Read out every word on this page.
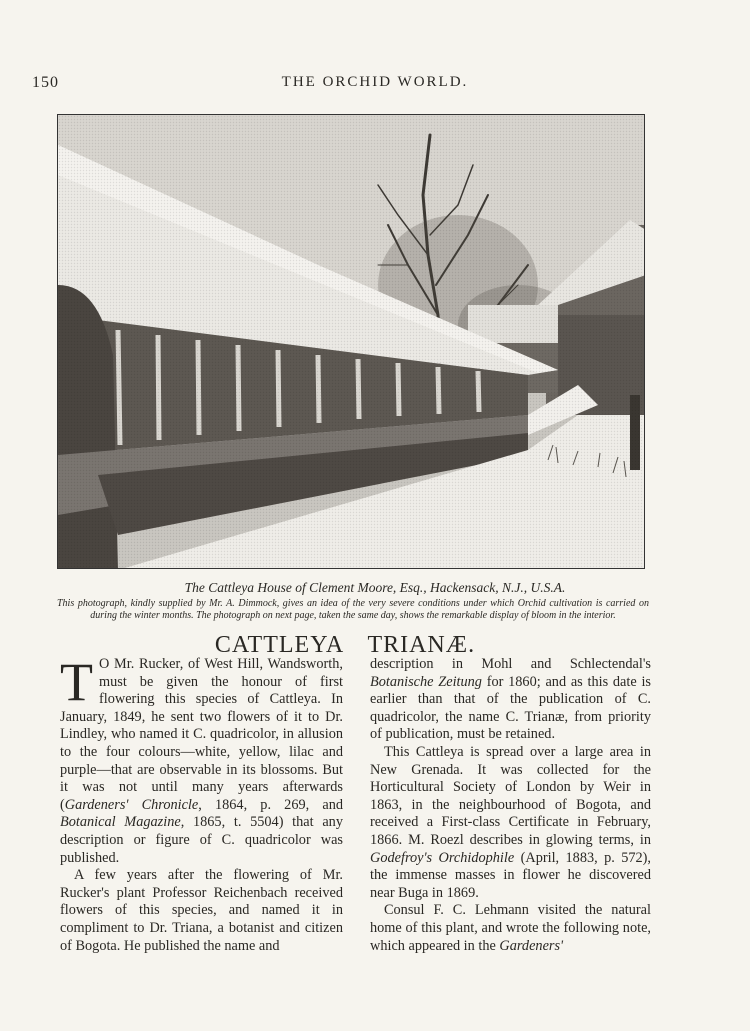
150	THE ORCHID WORLD.
The Cattleya House of Clement Moore, Esq., Hackensack, N.J., U.S.A.
This photograph, kindly supplied by Mr. A. Dimmock, gives an idea of the very severe conditions under which Orchid cultivation is carried on during the winter months. The photograph on next page, taken the same day, shows the remarkable display of bloom in the interior.
CATTLEYA TRIANÆ.

T O Mr. Rucker, of West Hill, Wandsworth, must be given the honour of first flowering this species of Cattleya. In January, 1849, he sent two flowers of it to Dr. Lindley, who named it C. quadricolor, in allusion to the four colours—white, yellow, lilac and purple—that are observable in its blossoms. But it was not until many years afterwards (Gardeners' Chronicle, 1864, p. 269, and Botanical Magazine, 1865, t. 5504) that any description or figure of C. quadricolor was published.

A few years after the flowering of Mr. Rucker's plant Professor Reichenbach received flowers of this species, and named it in compliment to Dr. Triana, a botanist and citizen of Bogota. He published the name and

description in Mohl and Schlectendal's Botanische Zeitung for 1860; and as this date is earlier than that of the publication of C. quadricolor, the name C. Trianæ, from priority of publication, must be retained.

This Cattleya is spread over a large area in New Grenada. It was collected for the Horticultural Society of London by Weir in 1863, in the neighbourhood of Bogota, and received a First-class Certificate in February, 1866. M. Roezl describes in glowing terms, in Godefroy's Orchidophile (April, 1883, p. 572), the immense masses in flower he discovered near Buga in 1869.

Consul F. C. Lehmann visited the natural home of this plant, and wrote the following note, which appeared in the Gardeners'
